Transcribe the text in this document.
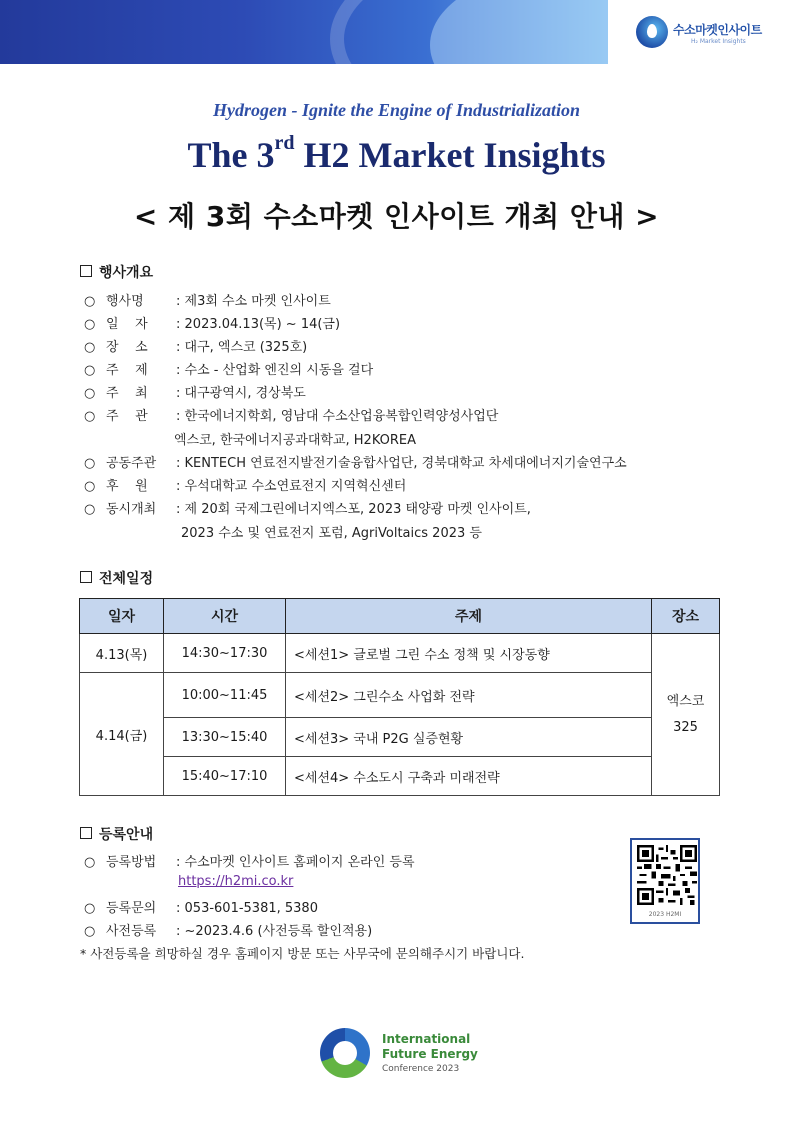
수소마켓인사이트
H₂ Market Insights
Hydrogen - Ignite the Engine of Industrialization
The 3rd H2 Market Insights
< 제 3회 수소마켓 인사이트 개최 안내 >
행사개요
○ 행사명 : 제3회 수소 마켓 인사이트
○ 일    자 : 2023.04.13(목) ~ 14(금)
○ 장    소 : 대구, 엑스코 (325호)
○ 주    제 : 수소 - 산업화 엔진의 시동을 걸다
○ 주    최 : 대구광역시, 경상북도
○ 주    관 : 한국에너지학회, 영남대 수소산업융복합인력양성사업단
엑스코, 한국에너지공과대학교, H2KOREA
○ 공동주관 : KENTECH 연료전지발전기술융합사업단, 경북대학교 차세대에너지기술연구소
○ 후    원 : 우석대학교 수소연료전지 지역혁신센터
○ 동시개최 : 제 20회 국제그린에너지엑스포, 2023 태양광 마켓 인사이트,
2023 수소 및 연료전지 포럼, AgriVoltaics 2023 등
전체일정
일자	시간	주제	장소
4.13(목)	14:30~17:30	<세션1> 글로벌 그린 수소 정책 및 시장동향	엑스코
325
4.14(금)	10:00~11:45	<세션2> 그린수소 사업화 전략	
	13:30~15:40	<세션3> 국내 P2G 실증현황	
	15:40~17:10	<세션4> 수소도시 구축과 미래전략	
등록안내
○ 등록방법 : 수소마켓 인사이트 홈페이지 온라인 등록
https://h2mi.co.kr
○ 등록문의 : 053-601-5381, 5380
○ 사전등록 : ~2023.4.6 (사전등록 할인적용)
* 사전등록을 희망하실 경우 홈페이지 방문 또는 사무국에 문의해주시기 바랍니다.
2023 H2MI
International
Future Energy
Conference 2023
